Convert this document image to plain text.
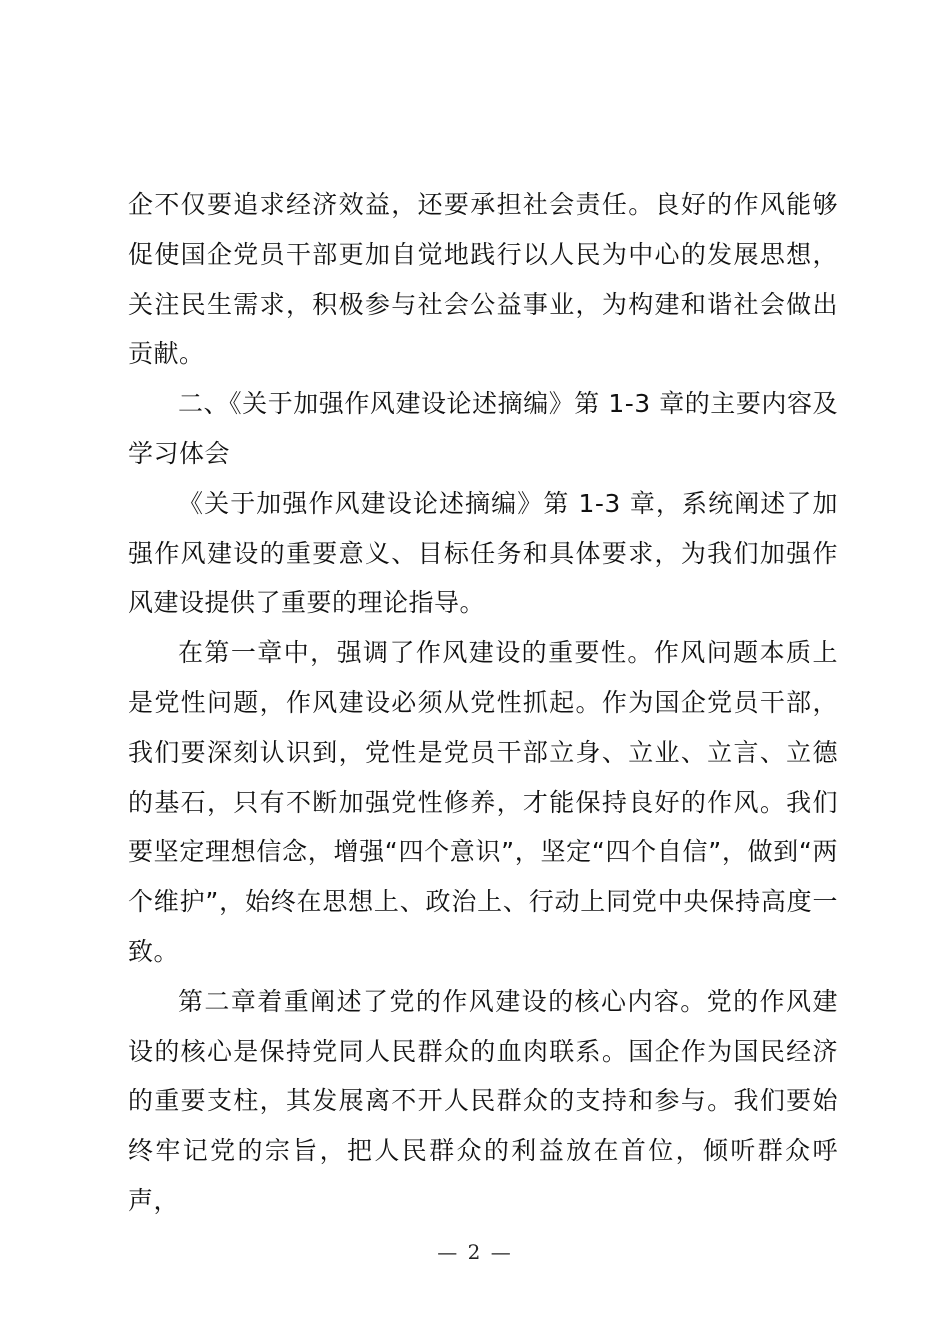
企不仅要追求经济效益，还要承担社会责任。良好的作风能够促使国企党员干部更加自觉地践行以人民为中心的发展思想，关注民生需求，积极参与社会公益事业，为构建和谐社会做出贡献。

二、《关于加强作风建设论述摘编》第 1-3 章的主要内容及学习体会

《关于加强作风建设论述摘编》第 1-3 章，系统阐述了加强作风建设的重要意义、目标任务和具体要求，为我们加强作风建设提供了重要的理论指导。

在第一章中，强调了作风建设的重要性。作风问题本质上是党性问题，作风建设必须从党性抓起。作为国企党员干部，我们要深刻认识到，党性是党员干部立身、立业、立言、立德的基石，只有不断加强党性修养，才能保持良好的作风。我们要坚定理想信念，增强“四个意识”，坚定“四个自信”，做到“两个维护”，始终在思想上、政治上、行动上同党中央保持高度一致。

第二章着重阐述了党的作风建设的核心内容。党的作风建设的核心是保持党同人民群众的血肉联系。国企作为国民经济的重要支柱，其发展离不开人民群众的支持和参与。我们要始终牢记党的宗旨，把人民群众的利益放在首位，倾听群众呼声，

— 2 —
